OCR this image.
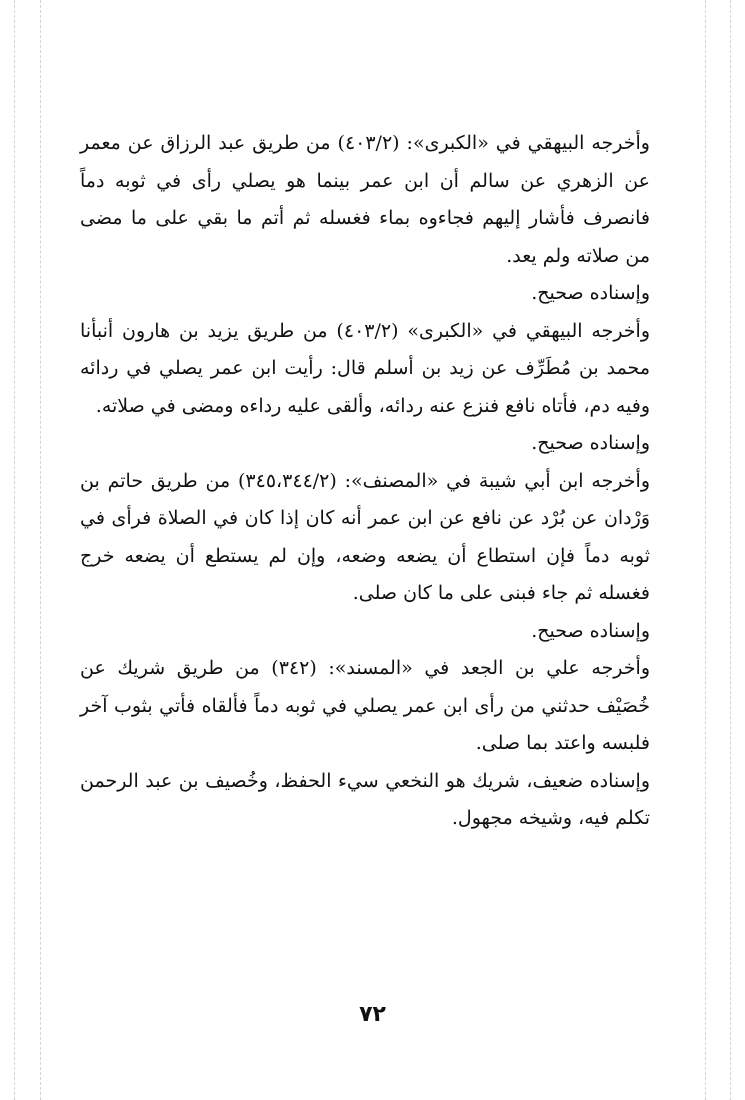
وأخرجه البيهقي في «الكبرى»: (٤٠٣/٢) من طريق عبد الرزاق عن معمر عن الزهري عن سالم أن ابن عمر بينما هو يصلي رأى في ثوبه دماً فانصرف فأشار إليهم فجاءوه بماء فغسله ثم أتم ما بقي على ما مضى من صلاته ولم يعد.

وإسناده صحيح.

وأخرجه البيهقي في «الكبرى» (٤٠٣/٢) من طريق يزيد بن هارون أنبأنا محمد بن مُطَرِّف عن زيد بن أسلم قال: رأيت ابن عمر يصلي في ردائه وفيه دم، فأتاه نافع فنزع عنه ردائه، وألقى عليه رداءه ومضى في صلاته.

وإسناده صحيح.

وأخرجه ابن أبي شيبة في «المصنف»: (٣٤٥،٣٤٤/٢) من طريق حاتم بن وَرْدان عن بُرْد عن نافع عن ابن عمر أنه كان إذا كان في الصلاة فرأى في ثوبه دماً فإن استطاع أن يضعه وضعه، وإن لم يستطع أن يضعه خرج فغسله ثم جاء فبنى على ما كان صلى.

وإسناده صحيح.

وأخرجه علي بن الجعد في «المسند»: (٣٤٢) من طريق شريك عن خُصَيْف حدثني من رأى ابن عمر يصلي في ثوبه دماً فألقاه فأتي بثوب آخر فلبسه واعتد بما صلى.

وإسناده ضعيف، شريك هو النخعي سيء الحفظ، وخُصيف بن عبد الرحمن تكلم فيه، وشيخه مجهول.

٧٢
